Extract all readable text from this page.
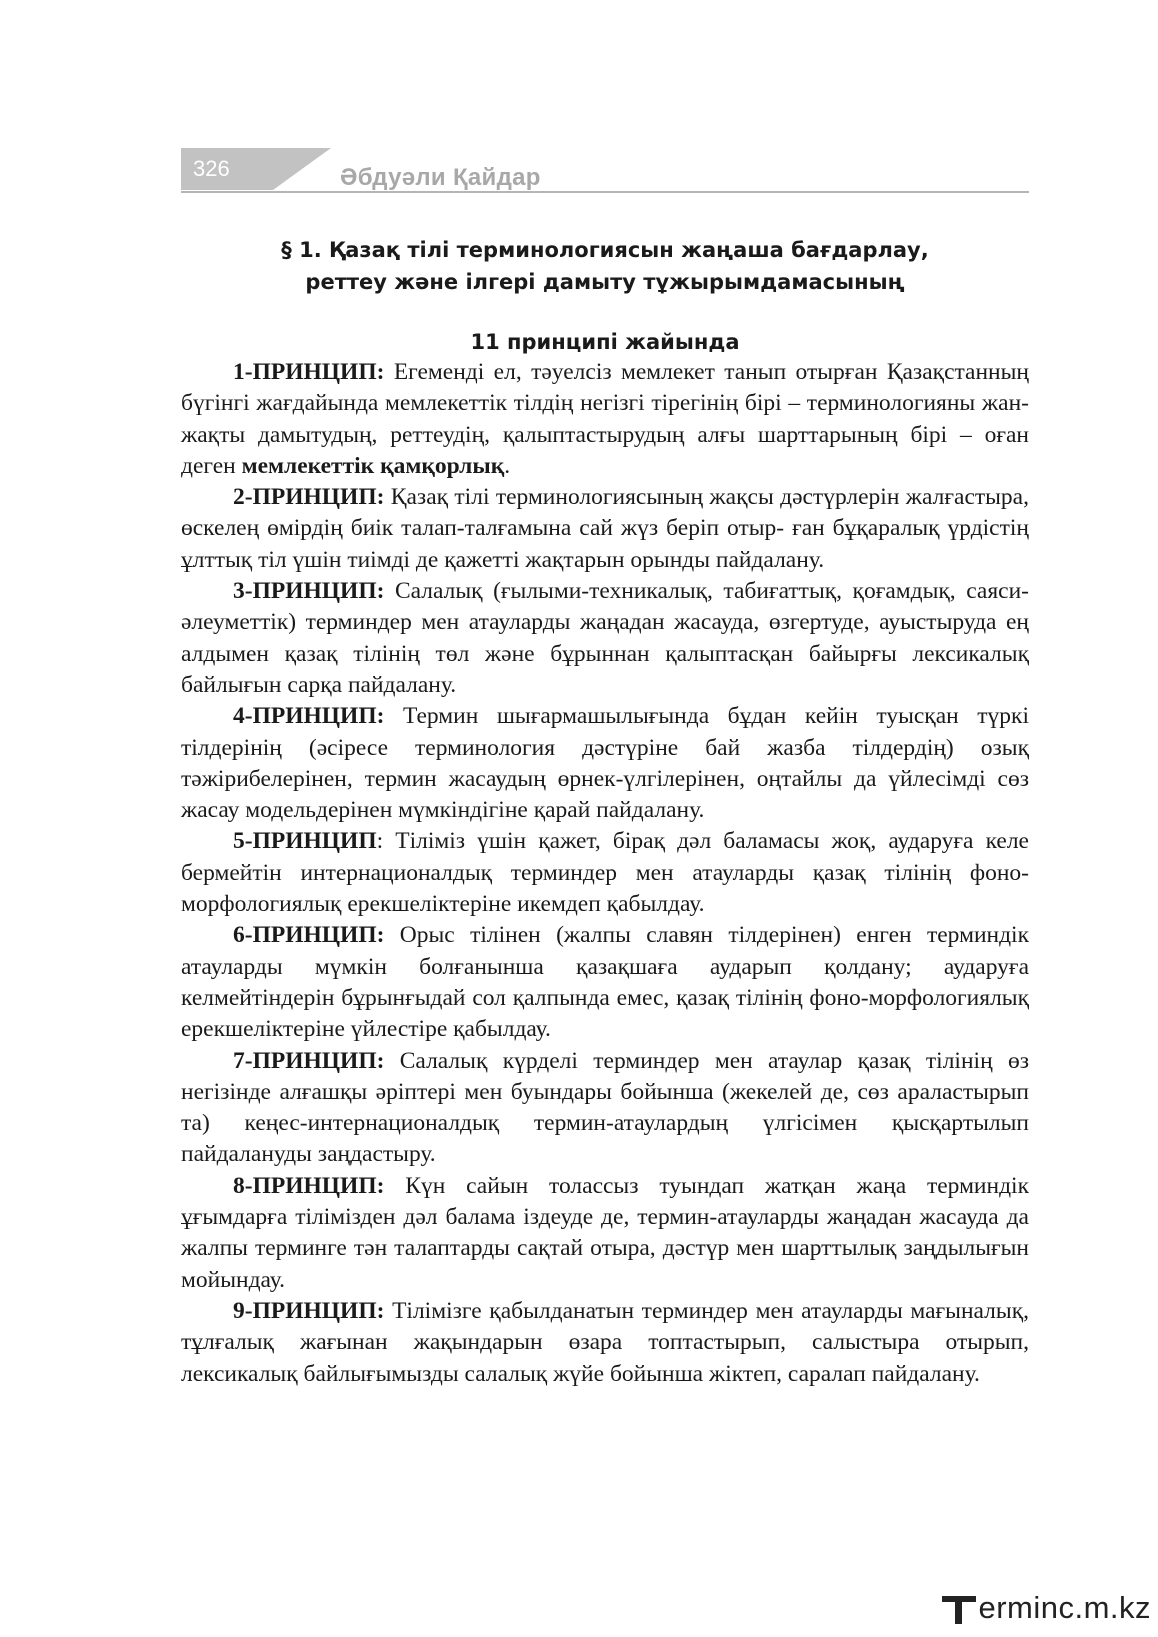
326	Әбдуәли Қайдар
§ 1. Қазақ тілі терминологиясын жаңаша бағдарлау,
реттеу және ілгері дамыту тұжырымдамасының
11 принципі жайында

1-ПРИНЦИП: Егеменді ел, тәуелсіз мемлекет танып отырған Қазақстанның бүгінгі жағдайында мемлекеттік тілдің негізгі тірегінің бірі – терминологияны жан-жақты дамытудың, реттеудің, қалыптастырудың алғы шарттарының бірі – оған деген мемлекеттік қамқорлық.

2-ПРИНЦИП: Қазақ тілі терминологиясының жақсы дәстүрлерін жалғастыра, өскелең өмірдің биік талап-талғамына сай жүз беріп отыр- ған бұқаралық үрдістің ұлттық тіл үшін тиімді де қажетті жақтарын орынды пайдалану.

3-ПРИНЦИП: Салалық (ғылыми-техникалық, табиғаттық, қоғамдық, саяси-әлеуметтік) терминдер мен атауларды жаңадан жасауда, өзгертуде, ауыстыруда ең алдымен қазақ тілінің төл және бұрыннан қалыптасқан байырғы лексикалық байлығын сарқа пайдалану.

4-ПРИНЦИП: Термин шығармашылығында бұдан кейін туысқан түркі тілдерінің (әсіресе терминология дәстүріне бай жазба тілдердің) озық тәжірибелерінен, термин жасаудың өрнек-үлгілерінен, оңтайлы да үйлесімді сөз жасау модельдерінен мүмкіндігіне қарай пайдалану.

5-ПРИНЦИП: Тіліміз үшін қажет, бірақ дәл баламасы жоқ, аударуға келе бермейтін интернационалдық терминдер мен атауларды қазақ тілінің фоно-морфологиялық ерекшеліктеріне икемдеп қабылдау.

6-ПРИНЦИП: Орыс тілінен (жалпы славян тілдерінен) енген терминдік атауларды мүмкін болғанынша қазақшаға аударып қолдану; аударуға келмейтіндерін бұрынғыдай сол қалпында емес, қазақ тілінің фоно-морфологиялық ерекшеліктеріне үйлестіре қабылдау.

7-ПРИНЦИП: Салалық күрделі терминдер мен атаулар қазақ тілінің өз негізінде алғашқы әріптері мен буындары бойынша (жекелей де, сөз араластырып та) кеңес-интернационалдық термин-атаулардың үлгісімен қысқартылып пайдалануды заңдастыру.

8-ПРИНЦИП: Күн сайын толассыз туындап жатқан жаңа терминдік ұғымдарға тілімізден дәл балама іздеуде де, термин-атауларды жаңадан жасауда да жалпы терминге тән талаптарды сақтай отыра, дәстүр мен шарттылық заңдылығын мойындау.

9-ПРИНЦИП: Тілімізге қабылданатын терминдер мен атауларды мағыналық, тұлғалық жағынан жақындарын өзара топтастырып, салыстыра отырып, лексикалық байлығымызды салалық жүйе бойынша жіктеп, саралап пайдалану.

erminc.m.kz
